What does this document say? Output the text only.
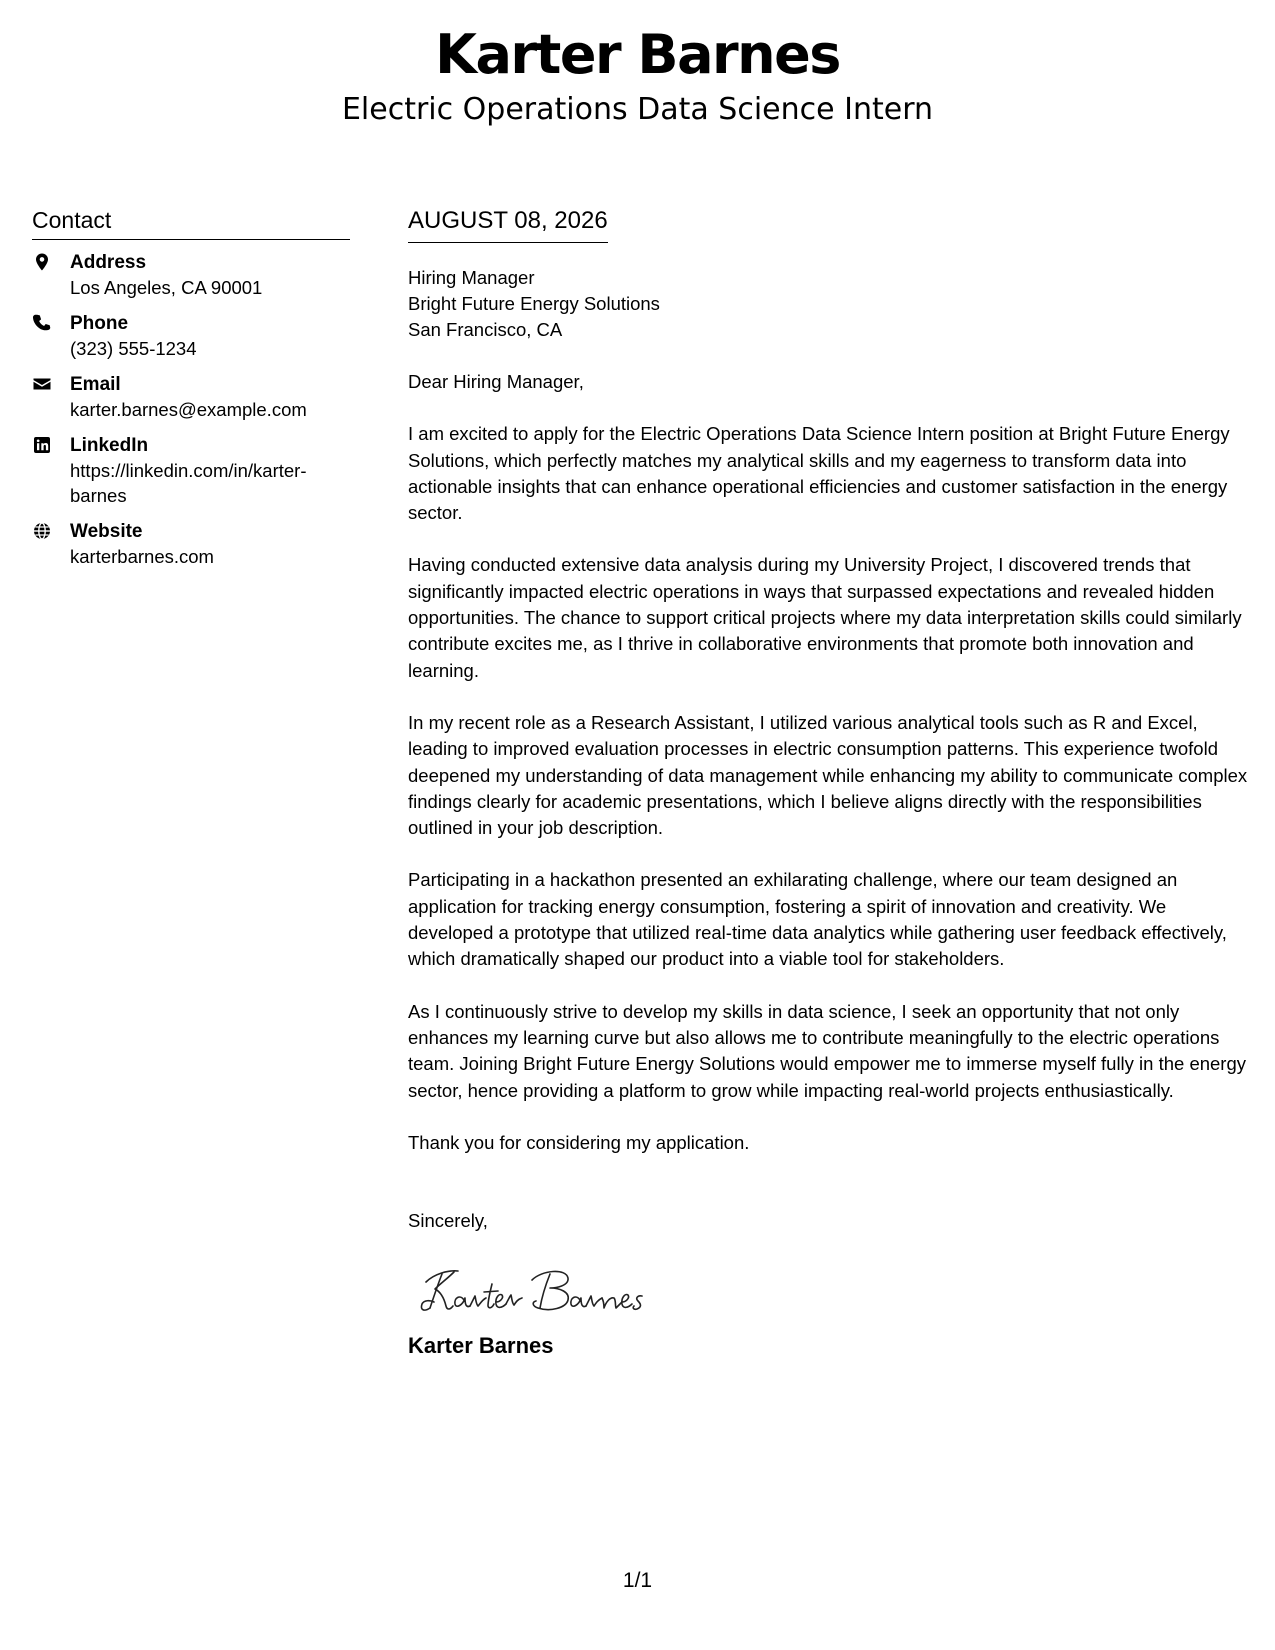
Karter Barnes
Electric Operations Data Science Intern
Contact
Address
Los Angeles, CA 90001
Phone
(323) 555-1234
Email
karter.barnes@example.com
LinkedIn
https://linkedin.com/in/karter-
barnes
Website
karterbarnes.com
AUGUST 08, 2026
Hiring Manager
Bright Future Energy Solutions
San Francisco, CA

Dear Hiring Manager,

I am excited to apply for the Electric Operations Data Science Intern position at Bright Future Energy Solutions, which perfectly matches my analytical skills and my eagerness to transform data into actionable insights that can enhance operational efficiencies and customer satisfaction in the energy sector.

Having conducted extensive data analysis during my University Project, I discovered trends that significantly impacted electric operations in ways that surpassed expectations and revealed hidden opportunities. The chance to support critical projects where my data interpretation skills could similarly contribute excites me, as I thrive in collaborative environments that promote both innovation and learning.

In my recent role as a Research Assistant, I utilized various analytical tools such as R and Excel, leading to improved evaluation processes in electric consumption patterns. This experience twofold deepened my understanding of data management while enhancing my ability to communicate complex findings clearly for academic presentations, which I believe aligns directly with the responsibilities outlined in your job description.

Participating in a hackathon presented an exhilarating challenge, where our team designed an application for tracking energy consumption, fostering a spirit of innovation and creativity. We developed a prototype that utilized real-time data analytics while gathering user feedback effectively, which dramatically shaped our product into a viable tool for stakeholders.

As I continuously strive to develop my skills in data science, I seek an opportunity that not only enhances my learning curve but also allows me to contribute meaningfully to the electric operations team. Joining Bright Future Energy Solutions would empower me to immerse myself fully in the energy sector, hence providing a platform to grow while impacting real-world projects enthusiastically.

Thank you for considering my application.

Sincerely,
Karter Barnes
1/1
